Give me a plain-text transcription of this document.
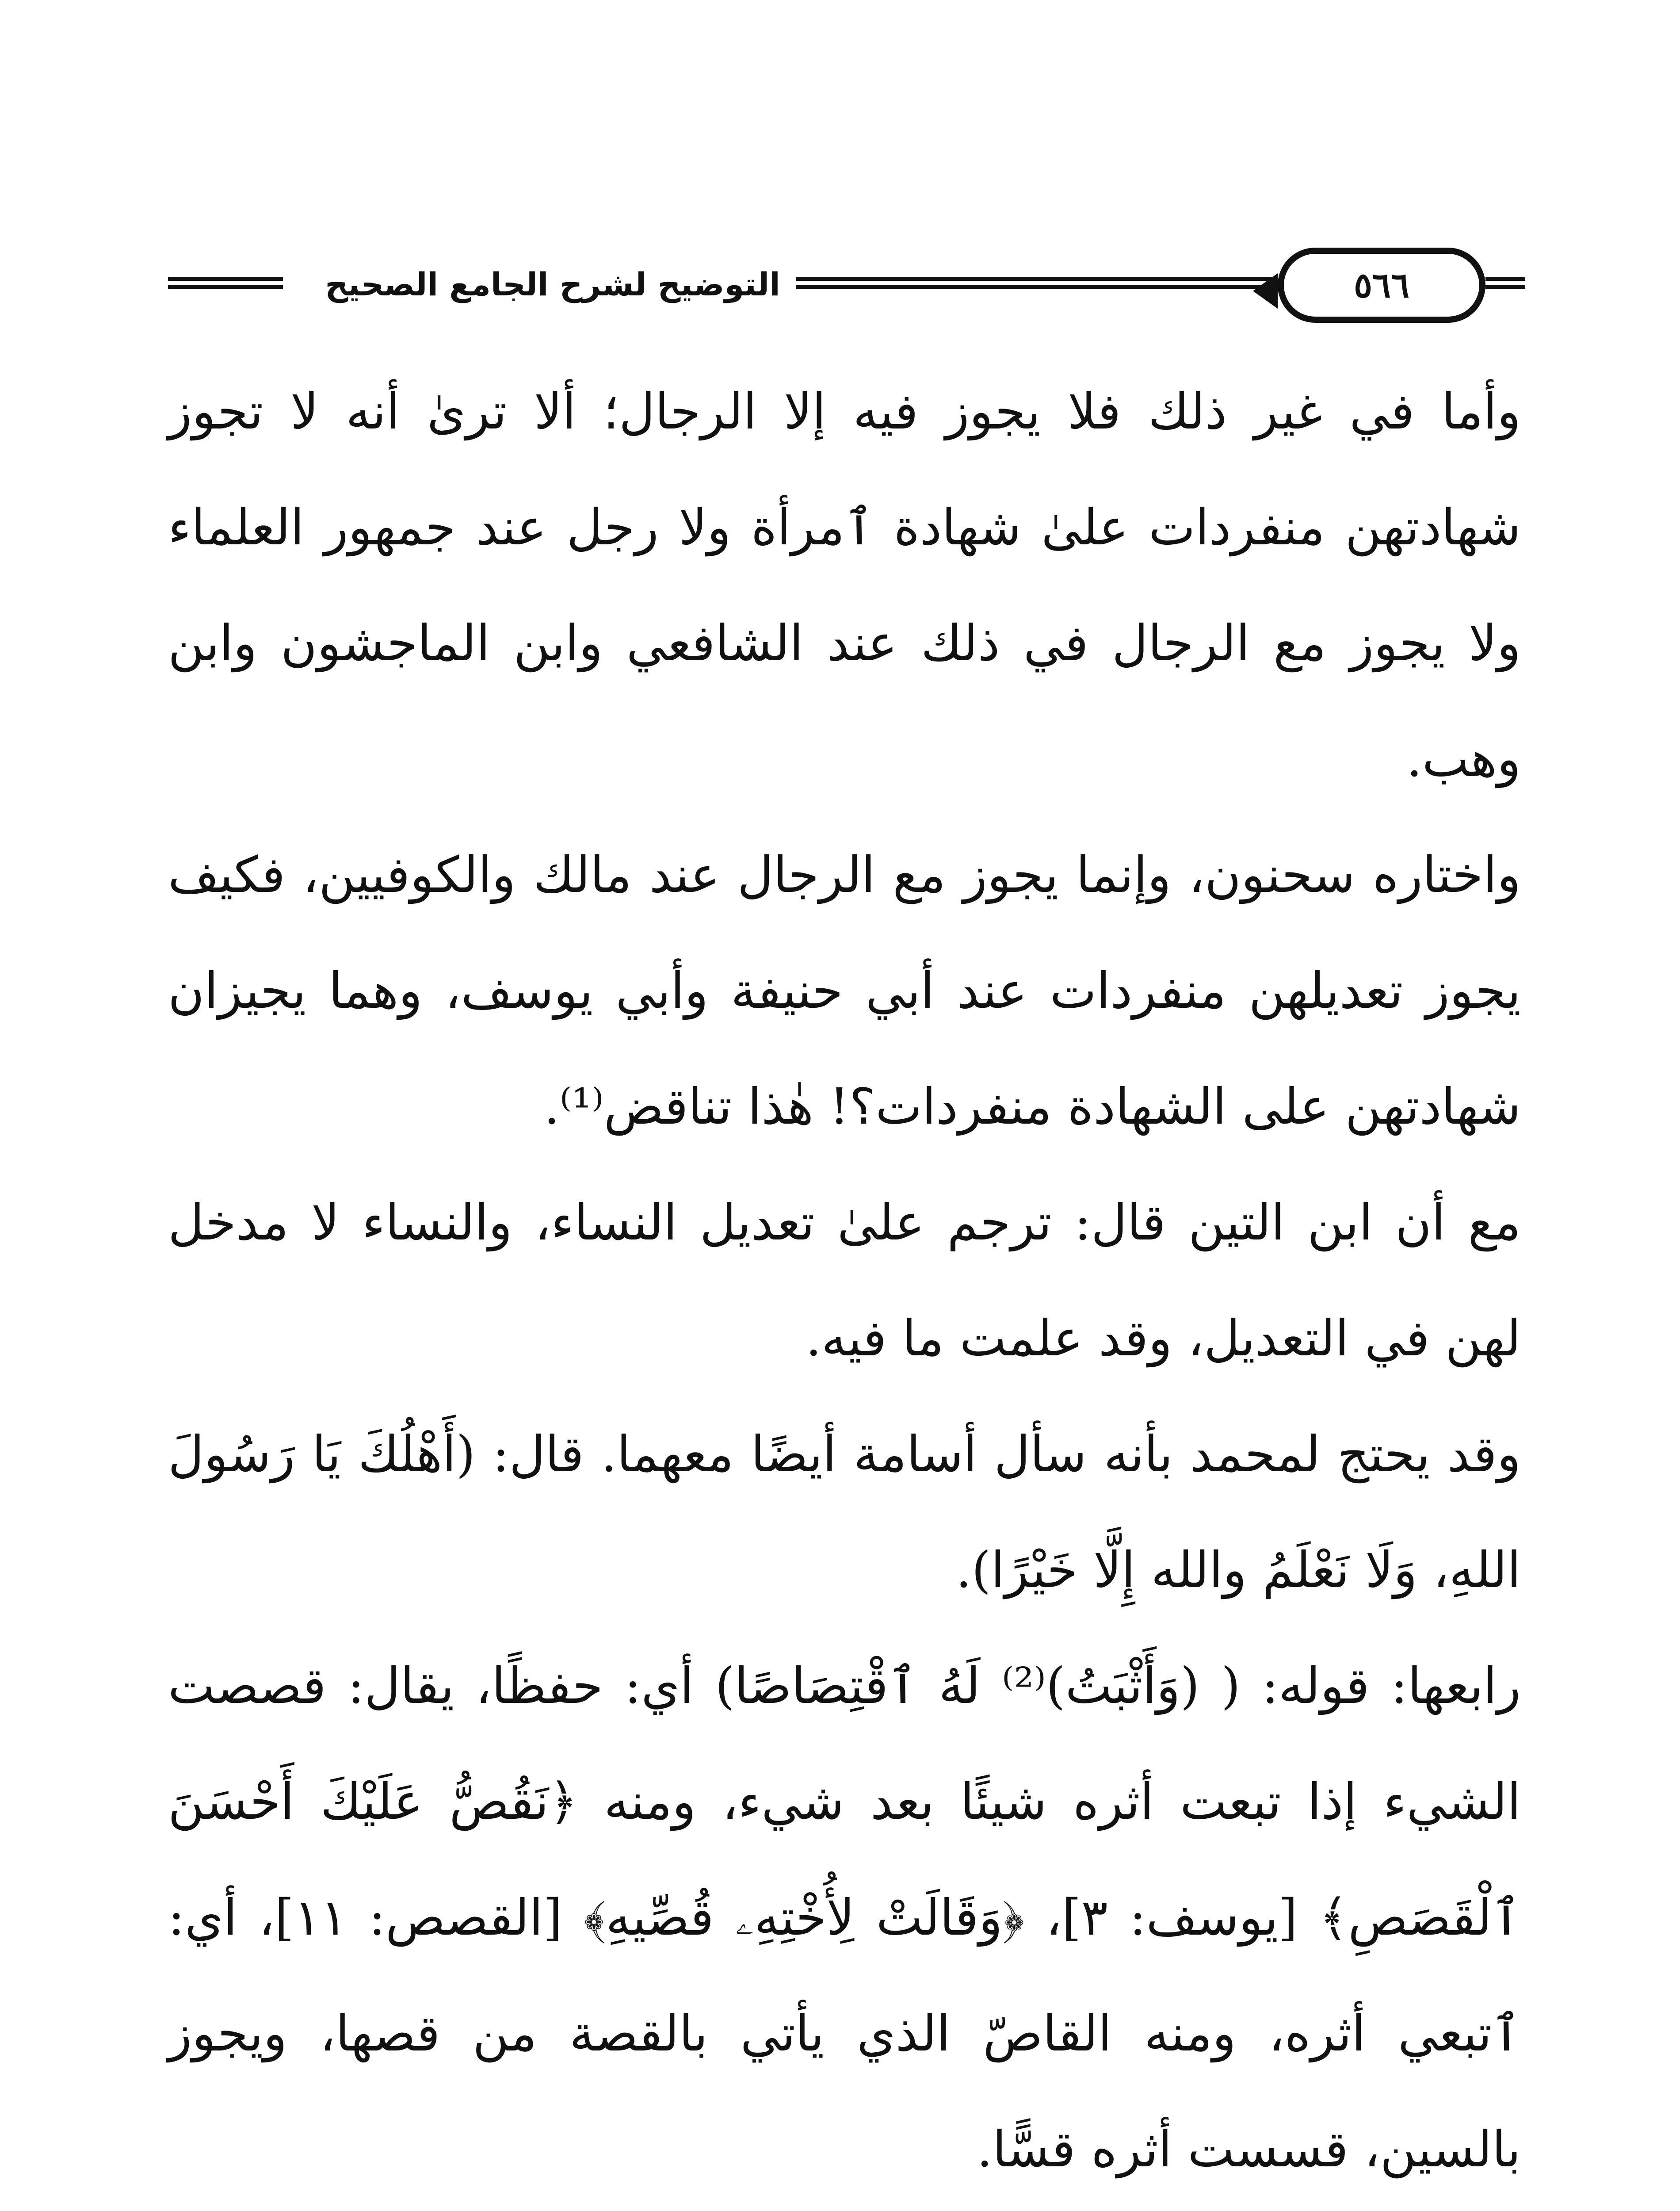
٥٦٦
التوضيح لشرح الجامع الصحيح

وأما في غير ذلك فلا يجوز فيه إلا الرجال؛ ألا ترىٰ أنه لا تجوز شهادتهن منفردات علىٰ شهادة ٱمرأة ولا رجل عند جمهور العلماء ولا يجوز مع الرجال في ذلك عند الشافعي وابن الماجشون وابن وهب.

واختاره سحنون، وإنما يجوز مع الرجال عند مالك والكوفيين، فكيف يجوز تعديلهن منفردات عند أبي حنيفة وأبي يوسف، وهما يجيزان شهادتهن على الشهادة منفردات؟! هٰذا تناقض⁽¹⁾.

مع أن ابن التين قال: ترجم علىٰ تعديل النساء، والنساء لا مدخل لهن في التعديل، وقد علمت ما فيه.

وقد يحتج لمحمد بأنه سأل أسامة أيضًا معهما. قال: (أَهْلُكَ يَا رَسُولَ اللهِ، وَلَا نَعْلَمُ والله إِلَّا خَيْرًا).

رابعها: قوله: ( (وَأَثْبَتُ)⁽²⁾ لَهُ ٱقْتِصَاصًا) أي: حفظًا، يقال: قصصت الشيء إذا تبعت أثره شيئًا بعد شيء، ومنه ﴿نَقُصُّ عَلَيْكَ أَحْسَنَ ٱلْقَصَصِ﴾ [يوسف: ٣]، ﴿وَقَالَتْ لِأُخْتِهِۦ قُصِّيهِ﴾ [القصص: ١١]، أي: ٱتبعي أثره، ومنه القاصّ الذي يأتي بالقصة من قصها، ويجوز بالسين، قسست أثره قسًّا.
